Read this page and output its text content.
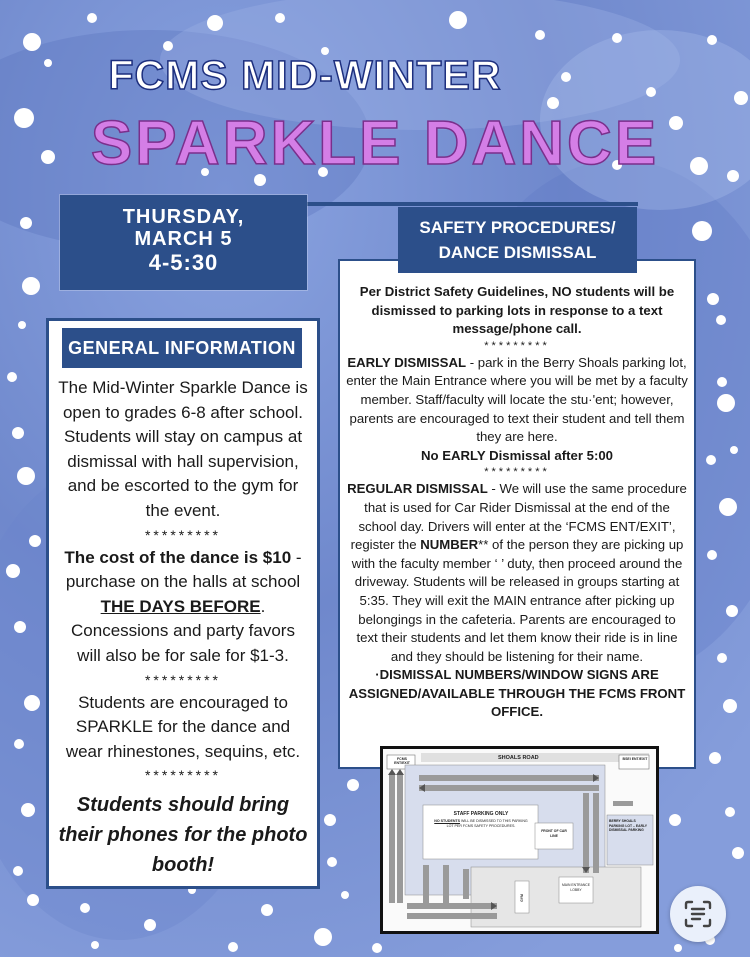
FCMS MID-WINTER
SPARKLE DANCE
THURSDAY,
MARCH 5
4-5:30
GENERAL INFORMATION
The Mid-Winter Sparkle Dance is open to grades 6-8 after school. Students will stay on campus at dismissal with hall supervision, and be escorted to the gym for the event.
*********
The cost of the dance is $10 - purchase on the halls at school THE DAYS BEFORE. Concessions and party favors will also be for sale for $1-3.
*********
Students are encouraged to SPARKLE for the dance and wear rhinestones, sequins, etc.
*********
Students should bring their phones for the photo booth!
SAFETY PROCEDURES/
DANCE DISMISSAL
Per District Safety Guidelines, NO students will be dismissed to parking lots in response to a text message/phone call.
*********
EARLY DISMISSAL - park in the Berry Shoals parking lot, enter the Main Entrance where you will be met by a faculty member. Staff/faculty will locate the stu·'ent; however, parents are encouraged to text their student and tell them they are here.
No EARLY Dismissal after 5:00
*********
REGULAR DISMISSAL - We will use the same procedure that is used for Car Rider Dismissal at the end of the school day. Drivers will enter at the ‘FCMS ENT/EXIT’, register the NUMBER** of the person they are picking up with the faculty member ‘ ’ duty, then proceed around the driveway. Students will be released in groups starting at 5:35. They will exit the MAIN entrance after picking up belongings in the cafeteria. Parents are encouraged to text their students and let them know their ride is in line and they should be listening for their name.
·DISMISSAL NUMBERS/WINDOW SIGNS ARE ASSIGNED/AVAILABLE THROUGH THE FCMS FRONT OFFICE.
SHOALS ROAD
FCMS ENT/EXIT
BSEI ENT/EXIT
STAFF PARKING ONLY
NO STUDENTS WILL BE DISMISSED TO THIS PARKING LOT PER FCMS SAFETY PROCEDURES.
FRONT OF CAR LINE
BERRY SHOALS PARKING LOT – EARLY DISMISSAL PARKING
MAIN ENTRANCE LOBBY
GYM
